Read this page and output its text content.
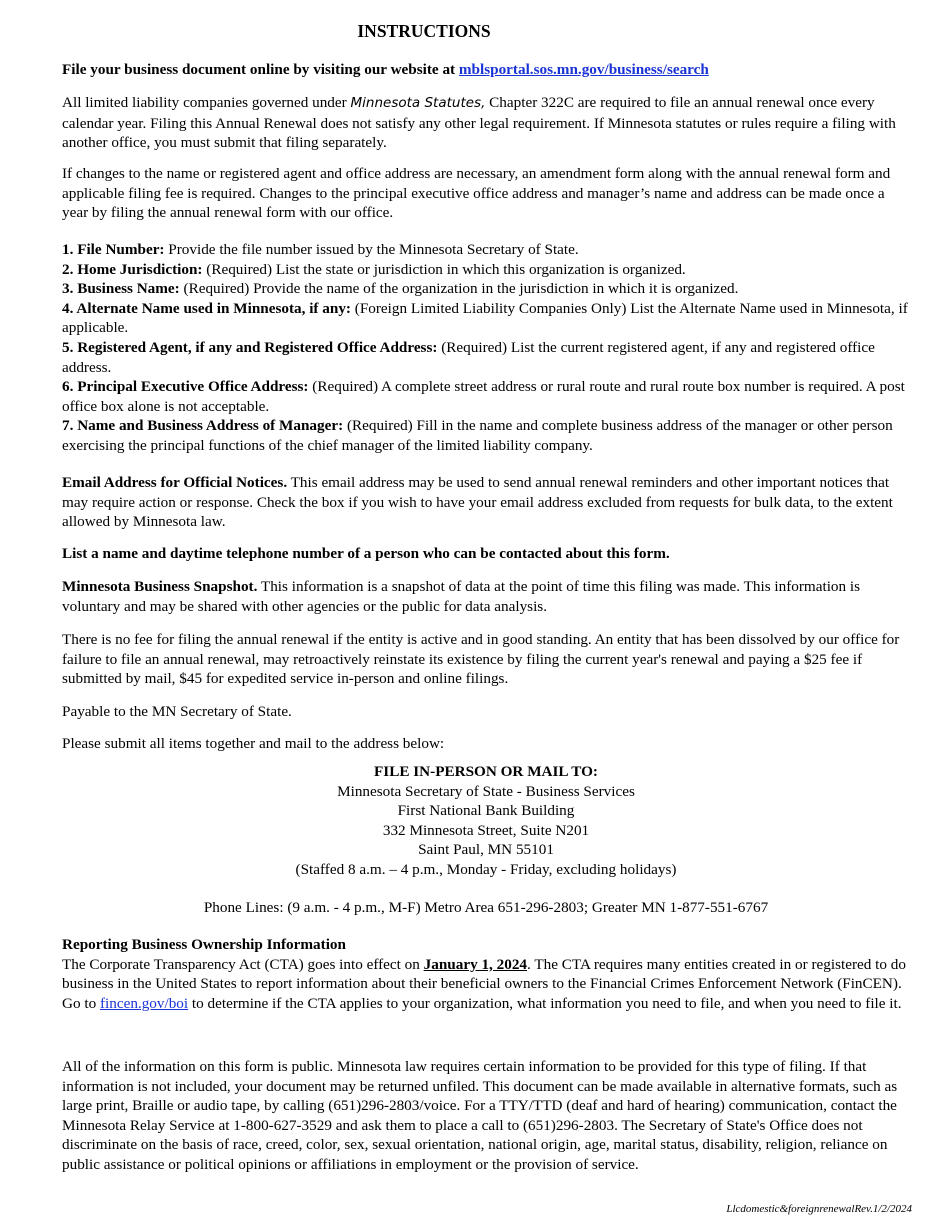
INSTRUCTIONS

File your business document online by visiting our website at mblsportal.sos.mn.gov/business/search

All limited liability companies governed under Minnesota Statutes, Chapter 322C are required to file an annual renewal once every calendar year. Filing this Annual Renewal does not satisfy any other legal requirement. If Minnesota statutes or rules require a filing with another office, you must submit that filing separately.

If changes to the name or registered agent and office address are necessary, an amendment form along with the annual renewal form and applicable filing fee is required. Changes to the principal executive office address and manager’s name and address can be made once a year by filing the annual renewal form with our office.

1. File Number: Provide the file number issued by the Minnesota Secretary of State.
2. Home Jurisdiction: (Required) List the state or jurisdiction in which this organization is organized.
3. Business Name: (Required) Provide the name of the organization in the jurisdiction in which it is organized.
4. Alternate Name used in Minnesota, if any: (Foreign Limited Liability Companies Only) List the Alternate Name used in Minnesota, if applicable.
5. Registered Agent, if any and Registered Office Address: (Required) List the current registered agent, if any and registered office address.
6. Principal Executive Office Address: (Required) A complete street address or rural route and rural route box number is required. A post office box alone is not acceptable.
7. Name and Business Address of Manager: (Required) Fill in the name and complete business address of the manager or other person exercising the principal functions of the chief manager of the limited liability company.

Email Address for Official Notices. This email address may be used to send annual renewal reminders and other important notices that may require action or response. Check the box if you wish to have your email address excluded from requests for bulk data, to the extent allowed by Minnesota law.

List a name and daytime telephone number of a person who can be contacted about this form.

Minnesota Business Snapshot. This information is a snapshot of data at the point of time this filing was made. This information is voluntary and may be shared with other agencies or the public for data analysis.

There is no fee for filing the annual renewal if the entity is active and in good standing. An entity that has been dissolved by our office for failure to file an annual renewal, may retroactively reinstate its existence by filing the current year's renewal and paying a $25 fee if submitted by mail, $45 for expedited service in-person and online filings.

Payable to the MN Secretary of State.

Please submit all items together and mail to the address below:

FILE IN-PERSON OR MAIL TO:
Minnesota Secretary of State - Business Services
First National Bank Building
332 Minnesota Street, Suite N201
Saint Paul, MN 55101
(Staffed 8 a.m. – 4 p.m., Monday - Friday, excluding holidays)

Phone Lines: (9 a.m. - 4 p.m., M-F) Metro Area 651-296-2803; Greater MN 1-877-551-6767

Reporting Business Ownership Information
The Corporate Transparency Act (CTA) goes into effect on January 1, 2024. The CTA requires many entities created in or registered to do business in the United States to report information about their beneficial owners to the Financial Crimes Enforcement Network (FinCEN). Go to fincen.gov/boi to determine if the CTA applies to your organization, what information you need to file, and when you need to file it.

All of the information on this form is public. Minnesota law requires certain information to be provided for this type of filing. If that information is not included, your document may be returned unfiled. This document can be made available in alternative formats, such as large print, Braille or audio tape, by calling (651)296-2803/voice. For a TTY/TTD (deaf and hard of hearing) communication, contact the Minnesota Relay Service at 1-800-627-3529 and ask them to place a call to (651)296-2803. The Secretary of State's Office does not discriminate on the basis of race, creed, color, sex, sexual orientation, national origin, age, marital status, disability, religion, reliance on public assistance or political opinions or affiliations in employment or the provision of service.

Llcdomestic&foreignrenewalRev.1/2/2024
